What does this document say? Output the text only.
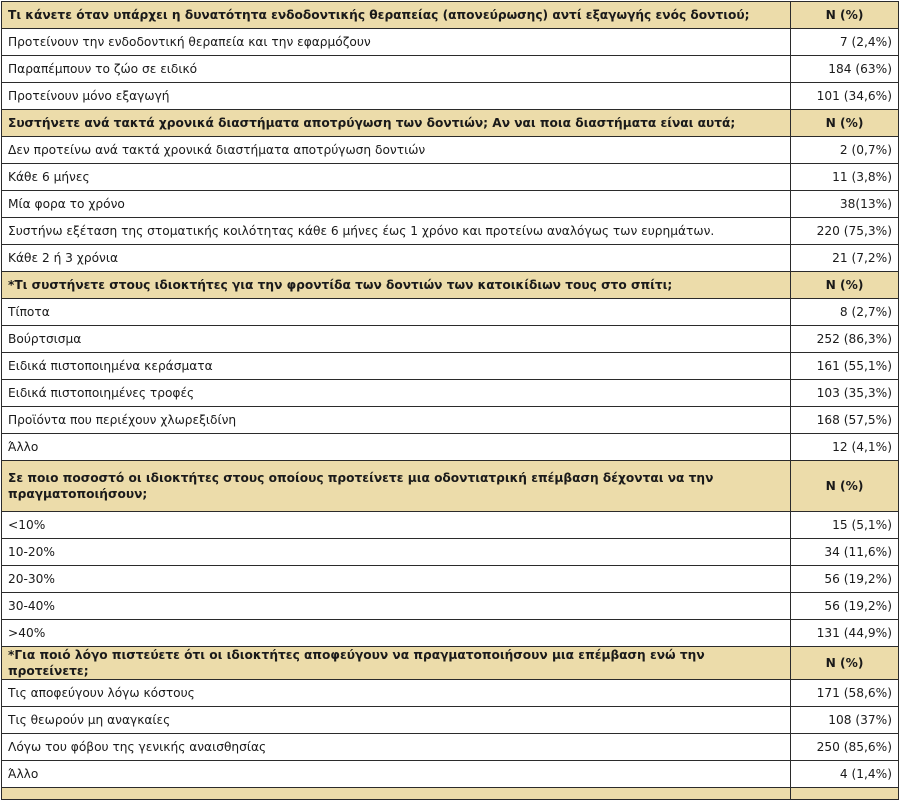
Τι κάνετε όταν υπάρχει η δυνατότητα ενδοδοντικής θεραπείας (απονεύρωσης) αντί εξαγωγής ενός δοντιού;	N (%)
Προτείνουν την ενδοδοντική θεραπεία και την εφαρμόζουν	7 (2,4%)
Παραπέμπουν το ζώο σε ειδικό	184 (63%)
Προτείνουν μόνο εξαγωγή	101 (34,6%)
Συστήνετε ανά τακτά χρονικά διαστήματα αποτρύγωση των δοντιών; Αν ναι ποια διαστήματα είναι αυτά;	N (%)
Δεν προτείνω ανά τακτά χρονικά διαστήματα αποτρύγωση δοντιών	2 (0,7%)
Κάθε 6 μήνες	11 (3,8%)
Μία φορα το χρόνο	38(13%)
Συστήνω εξέταση της στοματικής κοιλότητας κάθε 6 μήνες έως 1 χρόνο και προτείνω αναλόγως των ευρημάτων.	220 (75,3%)
Κάθε 2 ή 3 χρόνια	21 (7,2%)
*Τι συστήνετε στους ιδιοκτήτες για την φροντίδα των δοντιών των κατοικίδιων τους στο σπίτι;	N (%)
Τίποτα	8 (2,7%)
Βούρτσισμα	252 (86,3%)
Ειδικά πιστοποιημένα κεράσματα	161 (55,1%)
Ειδικά πιστοποιημένες τροφές	103 (35,3%)
Προϊόντα που περιέχουν χλωρεξιδίνη	168 (57,5%)
Άλλο	12 (4,1%)
Σε ποιο ποσοστό οι ιδιοκτήτες στους οποίους προτείνετε μια οδοντιατρική επέμβαση δέχονται να την πραγματοποιήσουν;	N (%)
<10%	15 (5,1%)
10-20%	34 (11,6%)
20-30%	56 (19,2%)
30-40%	56 (19,2%)
>40%	131 (44,9%)
*Για ποιό λόγο πιστεύετε ότι οι ιδιοκτήτες αποφεύγουν να πραγματοποιήσουν μια επέμβαση ενώ την προτείνετε;	N (%)
Τις αποφεύγουν λόγω κόστους	171 (58,6%)
Τις θεωρούν μη αναγκαίες	108 (37%)
Λόγω του φόβου της γενικής αναισθησίας	250 (85,6%)
Άλλο	4 (1,4%)
